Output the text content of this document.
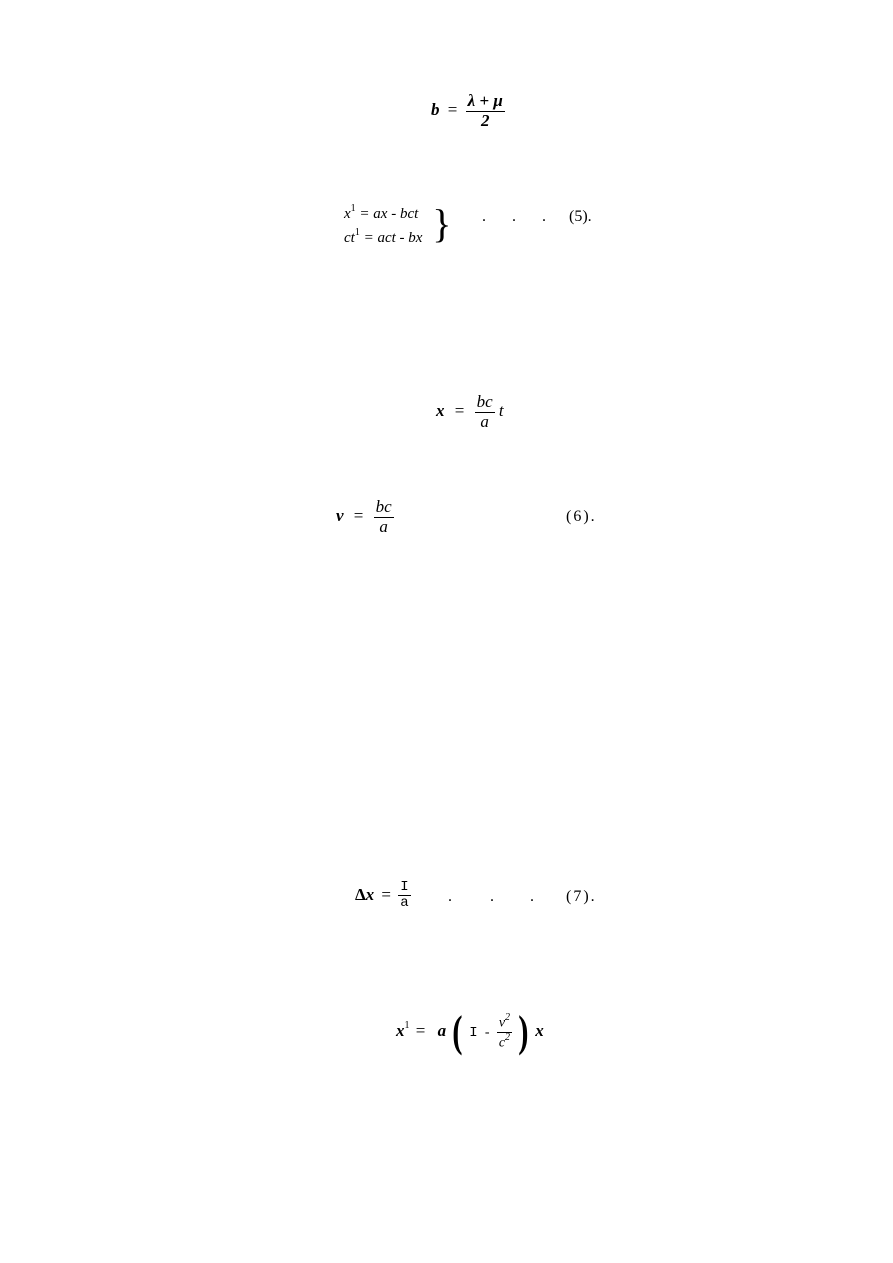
$b = \frac{\lambda + \mu}{2}$
$x^1$ = ax - bct
$ct^1$ = act - bx } . . .	(5).
$x = \frac{bc}{a}$ t
$v = \frac{bc}{a}$	(6).
$\Delta x = \frac{I}{a}$ . . .	(7).
$x^1 = a$ ( I - $\frac{v^2}{c^2}$ ) x
